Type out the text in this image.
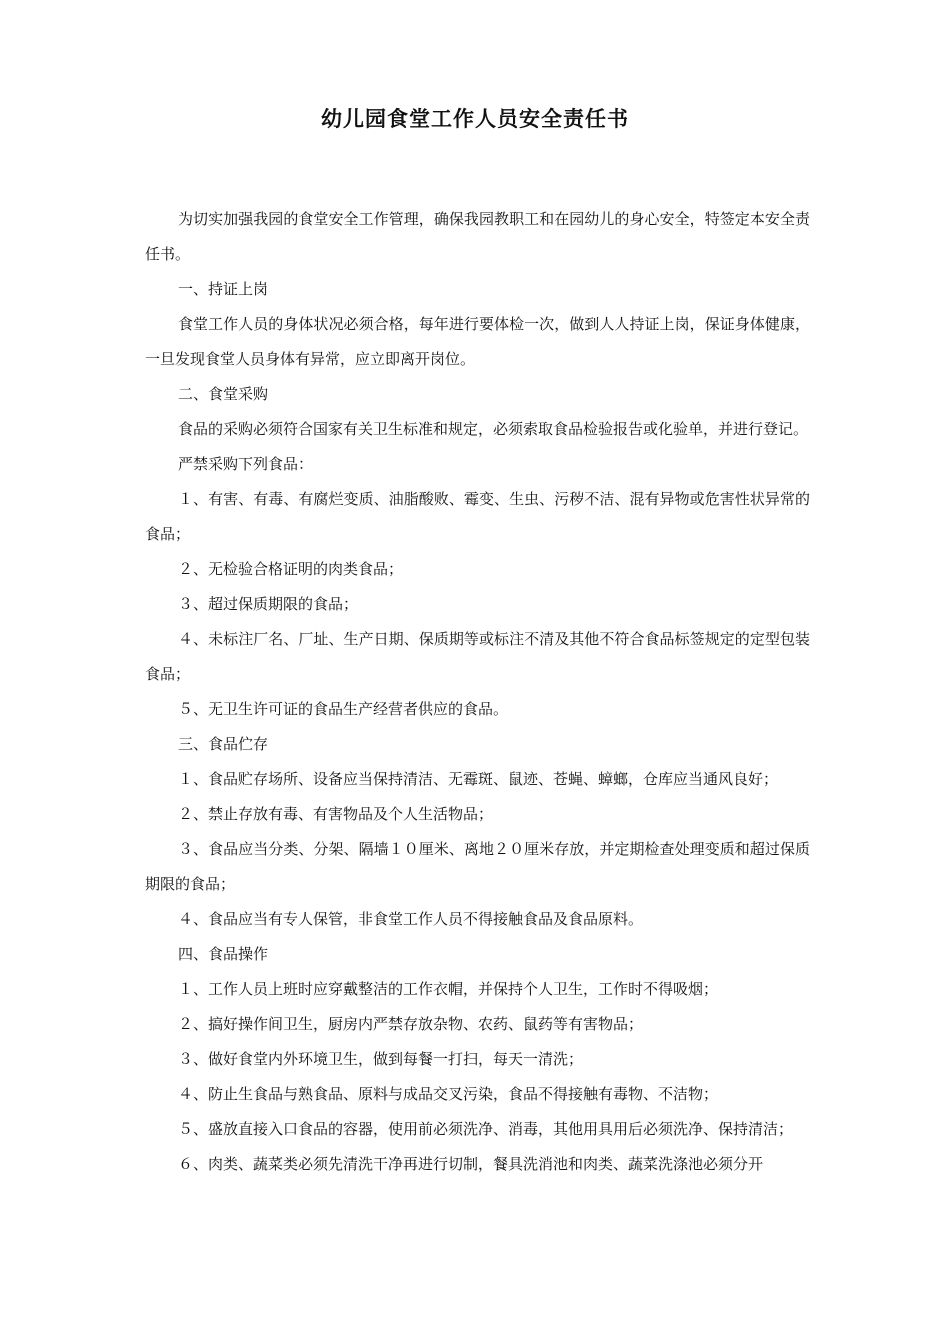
幼儿园食堂工作人员安全责任书

为切实加强我园的食堂安全工作管理，确保我园教职工和在园幼儿的身心安全，特签定本安全责任书。

一、持证上岗

食堂工作人员的身体状况必须合格，每年进行要体检一次，做到人人持证上岗，保证身体健康，一旦发现食堂人员身体有异常，应立即离开岗位。

二、食堂采购

食品的采购必须符合国家有关卫生标准和规定，必须索取食品检验报告或化验单，并进行登记。

严禁采购下列食品：

１、有害、有毒、有腐烂变质、油脂酸败、霉变、生虫、污秽不洁、混有异物或危害性状异常的食品；

２、无检验合格证明的肉类食品；

３、超过保质期限的食品；

４、未标注厂名、厂址、生产日期、保质期等或标注不清及其他不符合食品标签规定的定型包装食品；

５、无卫生许可证的食品生产经营者供应的食品。

三、食品伫存

１、食品贮存场所、设备应当保持清洁、无霉斑、鼠迹、苍蝇、蟑螂，仓库应当通风良好；

２、禁止存放有毒、有害物品及个人生活物品；

３、食品应当分类、分架、隔墙１０厘米、离地２０厘米存放，并定期检查处理变质和超过保质期限的食品；

４、食品应当有专人保管，非食堂工作人员不得接触食品及食品原料。

四、食品操作

１、工作人员上班时应穿戴整洁的工作衣帽，并保持个人卫生，工作时不得吸烟；

２、搞好操作间卫生，厨房内严禁存放杂物、农药、鼠药等有害物品；

３、做好食堂内外环境卫生，做到每餐一打扫，每天一清洗；

４、防止生食品与熟食品、原料与成品交叉污染，食品不得接触有毒物、不洁物；

５、盛放直接入口食品的容器，使用前必须洗净、消毒，其他用具用后必须洗净、保持清洁；

６、肉类、蔬菜类必须先清洗干净再进行切制，餐具洗消池和肉类、蔬菜洗涤池必须分开
